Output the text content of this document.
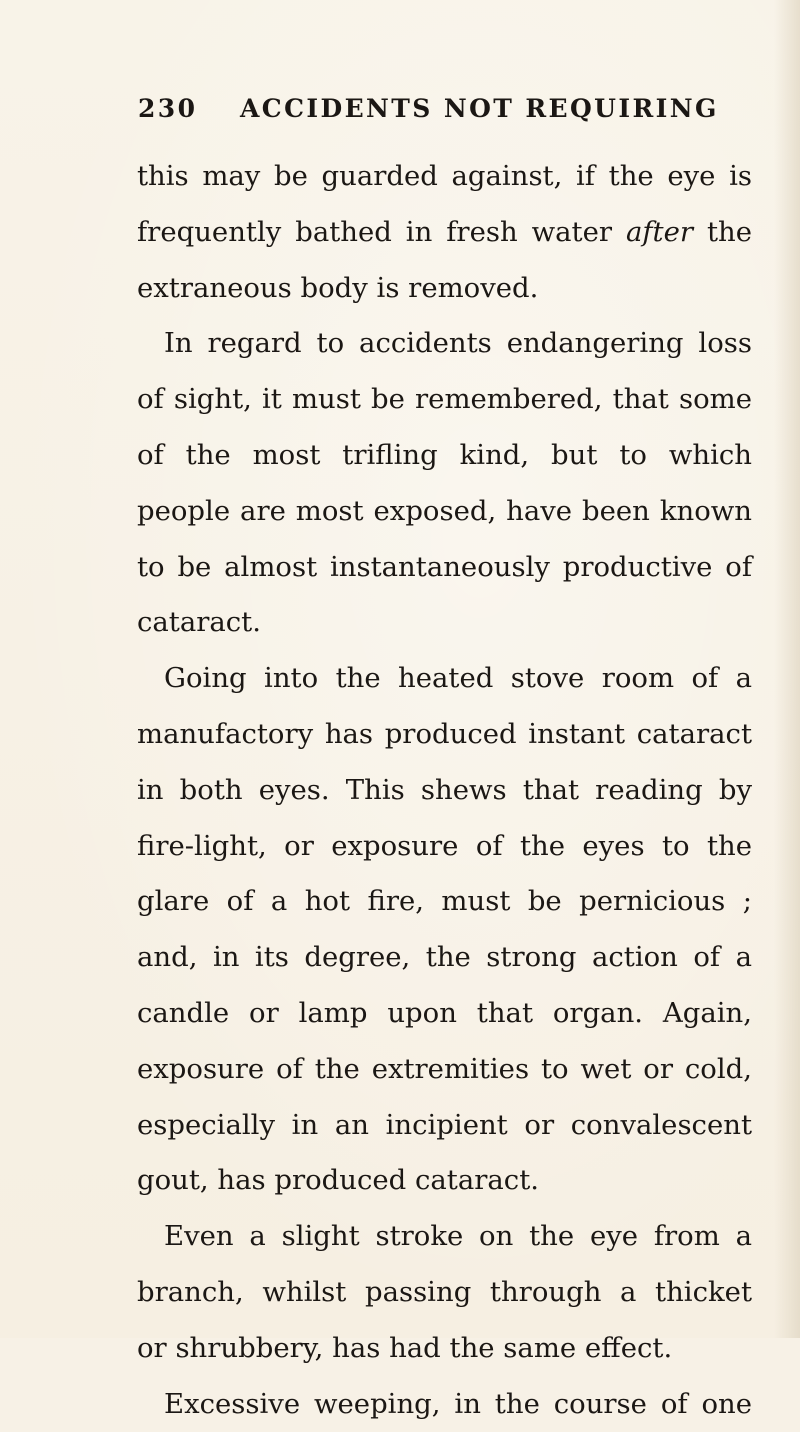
230 ACCIDENTS NOT REQUIRING
this may be guarded against, if the eye is
frequently bathed in fresh water after the
extraneous body is removed.
In regard to accidents endangering loss
of sight, it must be remembered, that some
of the most trifling kind, but to which
people are most exposed, have been known
to be almost instantaneously productive of
cataract.
Going into the heated stove room of a
manufactory has produced instant cataract
in both eyes. This shews that reading by
fire-light, or exposure of the eyes to the
glare of a hot fire, must be pernicious ;
and, in its degree, the strong action of a
candle or lamp upon that organ. Again,
exposure of the extremities to wet or cold,
especially in an incipient or convalescent
gout, has produced cataract.
Even a slight stroke on the eye from a
branch, whilst passing through a thicket
or shrubbery, has had the same effect.
Excessive weeping, in the course of one
